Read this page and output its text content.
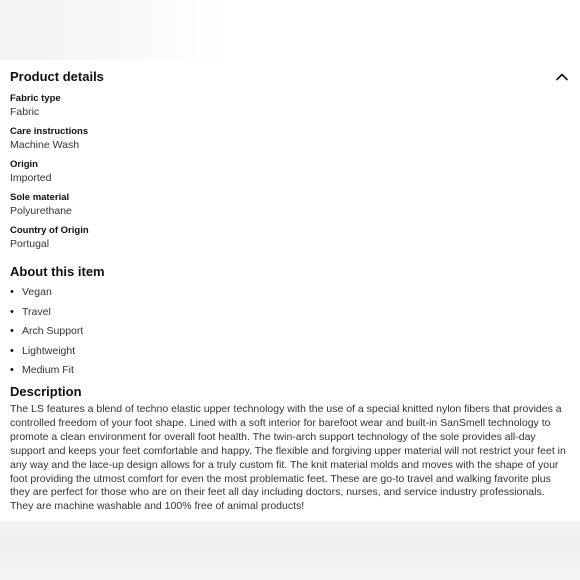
Product details
Fabric type
Fabric
Care instructions
Machine Wash
Origin
Imported
Sole material
Polyurethane
Country of Origin
Portugal
About this item
• Vegan
• Travel
• Arch Support
• Lightweight
• Medium Fit
Description
The LS features a blend of techno elastic upper technology with the use of a special knitted nylon fibers that provides a controlled freedom of your foot shape. Lined with a soft interior for barefoot wear and built-in SanSmell technology to promote a clean environment for overall foot health. The twin-arch support technology of the sole provides all-day support and keeps your feet comfortable and happy. The flexible and forgiving upper material will not restrict your feet in any way and the lace-up design allows for a truly custom fit. The knit material molds and moves with the shape of your foot providing the utmost comfort for even the most problematic feet. These are go-to travel and walking favorite plus they are perfect for those who are on their feet all day including doctors, nurses, and service industry professionals. They are machine washable and 100% free of animal products!
